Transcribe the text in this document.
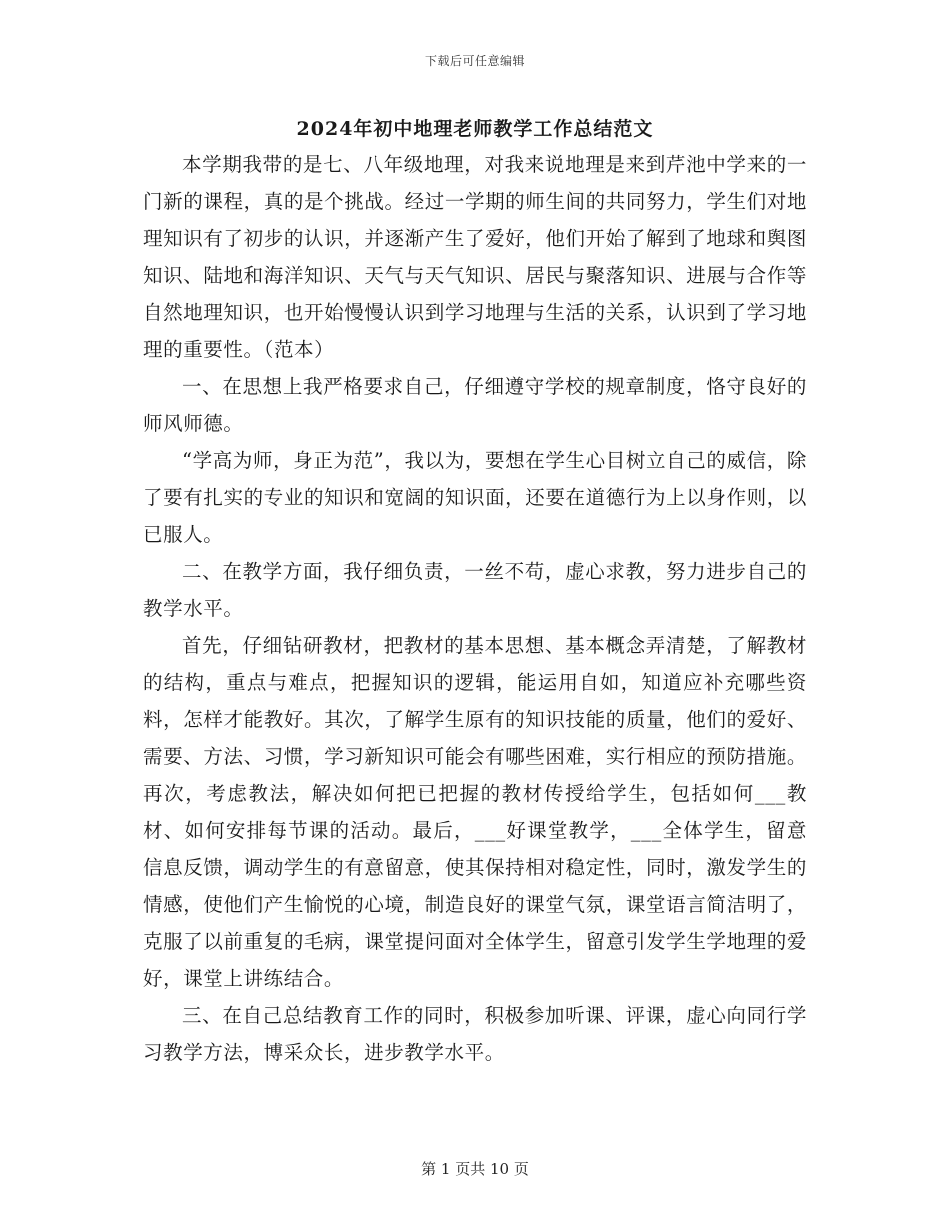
下载后可任意编辑
2024年初中地理老师教学工作总结范文

本学期我带的是七、八年级地理，对我来说地理是来到芹池中学来的一门新的课程，真的是个挑战。经过一学期的师生间的共同努力，学生们对地理知识有了初步的认识，并逐渐产生了爱好，他们开始了解到了地球和舆图知识、陆地和海洋知识、天气与天气知识、居民与聚落知识、进展与合作等自然地理知识，也开始慢慢认识到学习地理与生活的关系，认识到了学习地理的重要性。（范本）

一、在思想上我严格要求自己，仔细遵守学校的规章制度，恪守良好的师风师德。

“学高为师，身正为范”，我以为，要想在学生心目树立自己的威信，除了要有扎实的专业的知识和宽阔的知识面，还要在道德行为上以身作则，以已服人。

二、在教学方面，我仔细负责，一丝不苟，虚心求教，努力进步自己的教学水平。

首先，仔细钻研教材，把教材的基本思想、基本概念弄清楚，了解教材的结构，重点与难点，把握知识的逻辑，能运用自如，知道应补充哪些资料，怎样才能教好。其次，了解学生原有的知识技能的质量，他们的爱好、需要、方法、习惯，学习新知识可能会有哪些困难，实行相应的预防措施。再次，考虑教法，解决如何把已把握的教材传授给学生，包括如何___教材、如何安排每节课的活动。最后，___好课堂教学，___全体学生，留意信息反馈，调动学生的有意留意，使其保持相对稳定性，同时，激发学生的情感，使他们产生愉悦的心境，制造良好的课堂气氛，课堂语言简洁明了，克服了以前重复的毛病，课堂提问面对全体学生，留意引发学生学地理的爱好，课堂上讲练结合。

三、在自己总结教育工作的同时，积极参加听课、评课，虚心向同行学习教学方法，博采众长，进步教学水平。

第 1 页共 10 页
